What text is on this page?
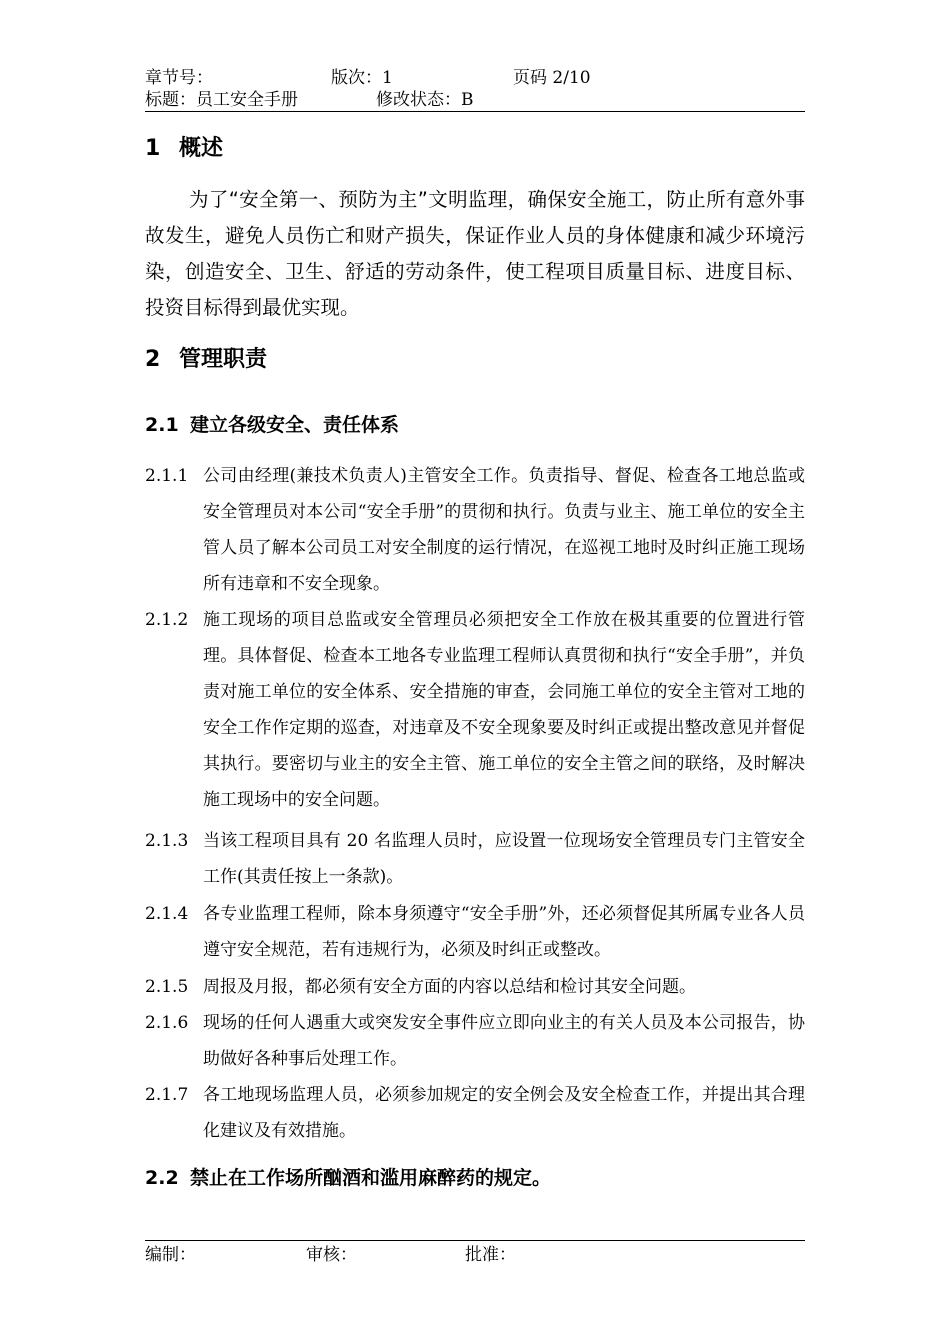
章节号：	版次：1	页码 2/10
标题：员工安全手册	修改状态：B
1 概述

为了“安全第一、预防为主”文明监理，确保安全施工，防止所有意外事故发生，避免人员伤亡和财产损失，保证作业人员的身体健康和减少环境污染，创造安全、卫生、舒适的劳动条件，使工程项目质量目标、进度目标、投资目标得到最优实现。

2 管理职责
2.1 建立各级安全、责任体系
2.1.1 公司由经理(兼技术负责人)主管安全工作。负责指导、督促、检查各工地总监或安全管理员对本公司“安全手册”的贯彻和执行。负责与业主、施工单位的安全主管人员了解本公司员工对安全制度的运行情况，在巡视工地时及时纠正施工现场所有违章和不安全现象。
2.1.2 施工现场的项目总监或安全管理员必须把安全工作放在极其重要的位置进行管理。具体督促、检查本工地各专业监理工程师认真贯彻和执行“安全手册”，并负责对施工单位的安全体系、安全措施的审查，会同施工单位的安全主管对工地的安全工作作定期的巡查，对违章及不安全现象要及时纠正或提出整改意见并督促其执行。要密切与业主的安全主管、施工单位的安全主管之间的联络，及时解决施工现场中的安全问题。
2.1.3 当该工程项目具有 20 名监理人员时，应设置一位现场安全管理员专门主管安全工作(其责任按上一条款)。
2.1.4 各专业监理工程师，除本身须遵守“安全手册”外，还必须督促其所属专业各人员遵守安全规范，若有违规行为，必须及时纠正或整改。
2.1.5 周报及月报，都必须有安全方面的内容以总结和检讨其安全问题。
2.1.6 现场的任何人遇重大或突发安全事件应立即向业主的有关人员及本公司报告，协助做好各种事后处理工作。
2.1.7 各工地现场监理人员，必须参加规定的安全例会及安全检查工作，并提出其合理化建议及有效措施。
2.2 禁止在工作场所酗酒和滥用麻醉药的规定。
编制：	审核：	批准：
